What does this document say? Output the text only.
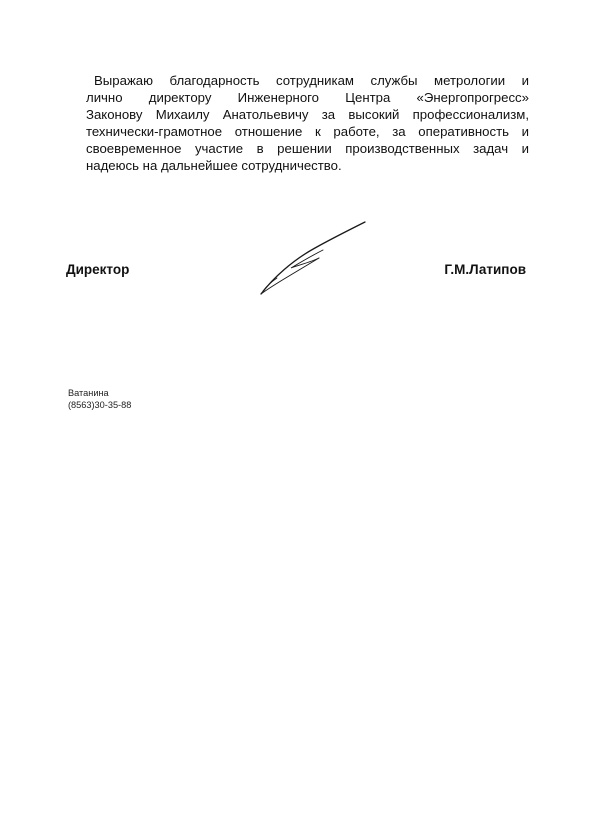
Выражаю благодарность сотрудникам службы метрологии и
лично директору Инженерного Центра «Энергопрогресс»
Законову Михаилу Анатольевичу за высокий профессионализм,
технически-грамотное отношение к работе, за оперативность и
своевременное участие в решении производственных задач и
надеюсь на дальнейшее сотрудничество.
Директор	Г.М.Латипов
Ватанина
(8563)30-35-88
